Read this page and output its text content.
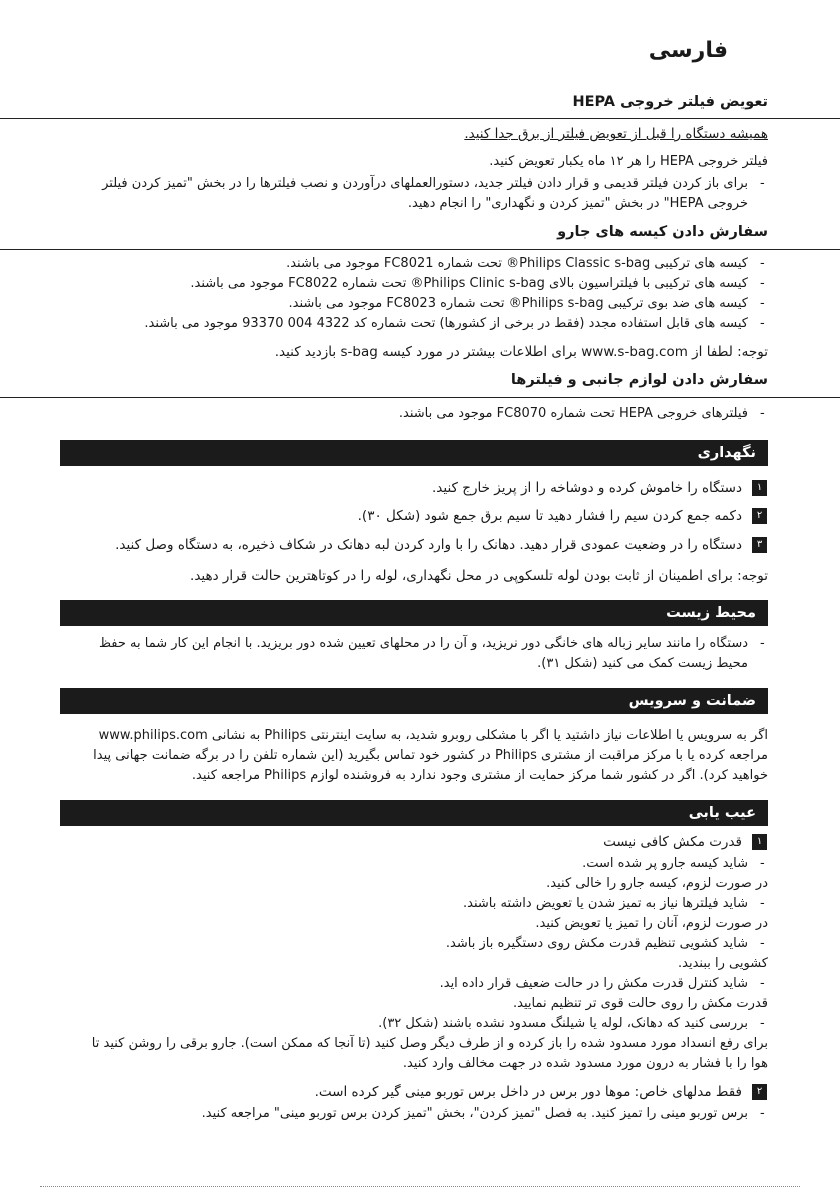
فارسی
تعویض فیلتر خروجی HEPA
همیشه دستگاه را قبل از تعویض فیلتر از برق جدا کنید.
فیلتر خروجی HEPA را هر ۱۲ ماه یکبار تعویض کنید.
-
برای باز کردن فیلتر قدیمی و قرار دادن فیلتر جدید، دستورالعملهای درآوردن و نصب فیلترها را در بخش "تمیز کردن فیلتر
خروجی HEPA" در بخش "تمیز کردن و نگهداری" را انجام دهید.
سفارش دادن کیسه های جارو
-
کیسه های ترکیبی Philips Classic s-bag® تحت شماره FC8021 موجود می باشند.
-
کیسه های ترکیبی با فیلتراسیون بالای Philips Clinic s-bag® تحت شماره FC8022 موجود می باشند.
-
کیسه های ضد بوی ترکیبی Philips s-bag® تحت شماره FC8023 موجود می باشند.
-
کیسه های قابل استفاده مجدد (فقط در برخی از کشورها) تحت شماره کد 4322 004 93370 موجود می باشند.
توجه: لطفا از www.s-bag.com برای اطلاعات بیشتر در مورد کیسه s-bag بازدید کنید.
سفارش دادن لوازم جانبی و فیلترها
-
فیلترهای خروجی HEPA تحت شماره FC8070 موجود می باشند.
نگهداری
۱
دستگاه را خاموش کرده و دوشاخه را از پریز خارج کنید.
۲
دکمه جمع کردن سیم را فشار دهید تا سیم برق جمع شود (شکل ۳۰).
۳
دستگاه را در وضعیت عمودی قرار دهید. دهانک را با وارد کردن لبه دهانک در شکاف ذخیره، به دستگاه وصل کنید.
توجه: برای اطمینان از ثابت بودن لوله تلسکوپی در محل نگهداری، لوله را در کوتاهترین حالت قرار دهید.
محیط زیست
-
دستگاه را مانند سایر زباله های خانگی دور نریزید، و آن را در محلهای تعیین شده دور بریزید. با انجام این کار شما به حفظ
محیط زیست کمک می کنید (شکل ۳۱).
ضمانت و سرویس
اگر به سرویس یا اطلاعات نیاز داشتید یا اگر با مشکلی روبرو شدید، به سایت اینترنتی Philips به نشانی www.philips.com
مراجعه کرده یا با مرکز مراقبت از مشتری Philips در کشور خود تماس بگیرید (این شماره تلفن را در برگه ضمانت جهانی پیدا
خواهید کرد). اگر در کشور شما مرکز حمایت از مشتری وجود ندارد به فروشنده لوازم Philips مراجعه کنید.
عیب یابی
۱
قدرت مکش کافی نیست
-
شاید کیسه جارو پر شده است.
در صورت لزوم، کیسه جارو را خالی کنید.
-
شاید فیلترها نیاز به تمیز شدن یا تعویض داشته باشند.
در صورت لزوم، آنان را تمیز یا تعویض کنید.
-
شاید کشویی تنظیم قدرت مکش روی دستگیره باز باشد.
کشویی را ببندید.
-
شاید کنترل قدرت مکش را در حالت ضعیف قرار داده اید.
قدرت مکش را روی حالت قوی تر تنظیم نمایید.
-
بررسی کنید که دهانک، لوله یا شیلنگ مسدود نشده باشند (شکل ۳۲).
برای رفع انسداد مورد مسدود شده را باز کرده و از طرف دیگر وصل کنید (تا آنجا که ممکن است). جارو برقی را روشن کنید تا
هوا را با فشار به درون مورد مسدود شده در جهت مخالف وارد کنید.
۲
فقط مدلهای خاص: موها دور برس در داخل برس توربو مینی گیر کرده است.
-
برس توربو مینی را تمیز کنید. به فصل "تمیز کردن"، بخش "تمیز کردن برس توربو مینی" مراجعه کنید.
